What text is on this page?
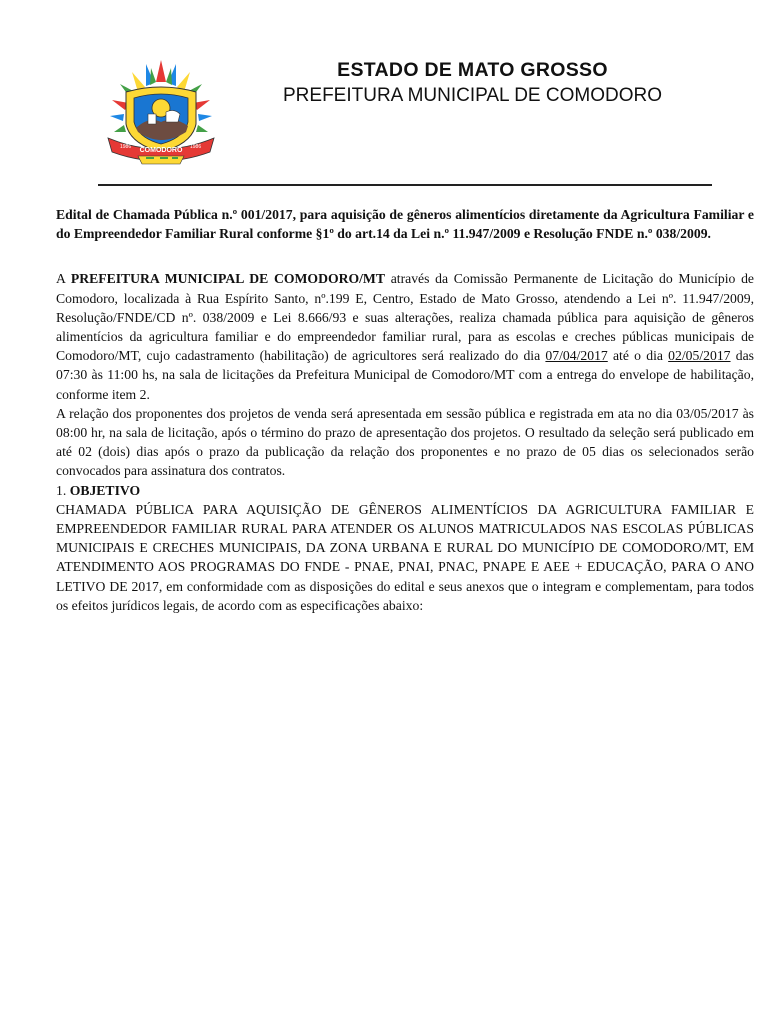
COMODORO
1986	1986
ESTADO DE MATO GROSSO
PREFEITURA MUNICIPAL DE COMODORO

Edital de Chamada Pública n.º 001/2017, para aquisição de gêneros alimentícios diretamente da Agricultura Familiar e do Empreendedor Familiar Rural conforme §1º do art.14 da Lei n.º 11.947/2009 e Resolução FNDE n.º 038/2009.

A PREFEITURA MUNICIPAL DE COMODORO/MT através da Comissão Permanente de Licitação do Município de Comodoro, localizada à Rua Espírito Santo, nº.199 E, Centro, Estado de Mato Grosso, atendendo a Lei nº. 11.947/2009, Resolução/FNDE/CD nº. 038/2009 e Lei 8.666/93 e suas alterações, realiza chamada pública para aquisição de gêneros alimentícios da agricultura familiar e do empreendedor familiar rural, para as escolas e creches públicas municipais de Comodoro/MT, cujo cadastramento (habilitação) de agricultores será realizado do dia 07/04/2017 até o dia 02/05/2017 das 07:30 às 11:00 hs, na sala de licitações da Prefeitura Municipal de Comodoro/MT com a entrega do envelope de habilitação, conforme item 2.

A relação dos proponentes dos projetos de venda será apresentada em sessão pública e registrada em ata no dia 03/05/2017 às 08:00 hr, na sala de licitação, após o término do prazo de apresentação dos projetos. O resultado da seleção será publicado em até 02 (dois) dias após o prazo da publicação da relação dos proponentes e no prazo de 05 dias os selecionados serão convocados para assinatura dos contratos.

1. OBJETIVO

CHAMADA PÚBLICA PARA AQUISIÇÃO DE GÊNEROS ALIMENTÍCIOS DA AGRICULTURA FAMILIAR E EMPREENDEDOR FAMILIAR RURAL PARA ATENDER OS ALUNOS MATRICULADOS NAS ESCOLAS PÚBLICAS MUNICIPAIS E CRECHES MUNICIPAIS, DA ZONA URBANA E RURAL DO MUNICÍPIO DE COMODORO/MT, EM ATENDIMENTO AOS PROGRAMAS DO FNDE - PNAE, PNAI, PNAC, PNAPE E AEE + EDUCAÇÃO, PARA O ANO LETIVO DE 2017, em conformidade com as disposições do edital e seus anexos que o integram e complementam, para todos os efeitos jurídicos legais, de acordo com as especificações abaixo:
